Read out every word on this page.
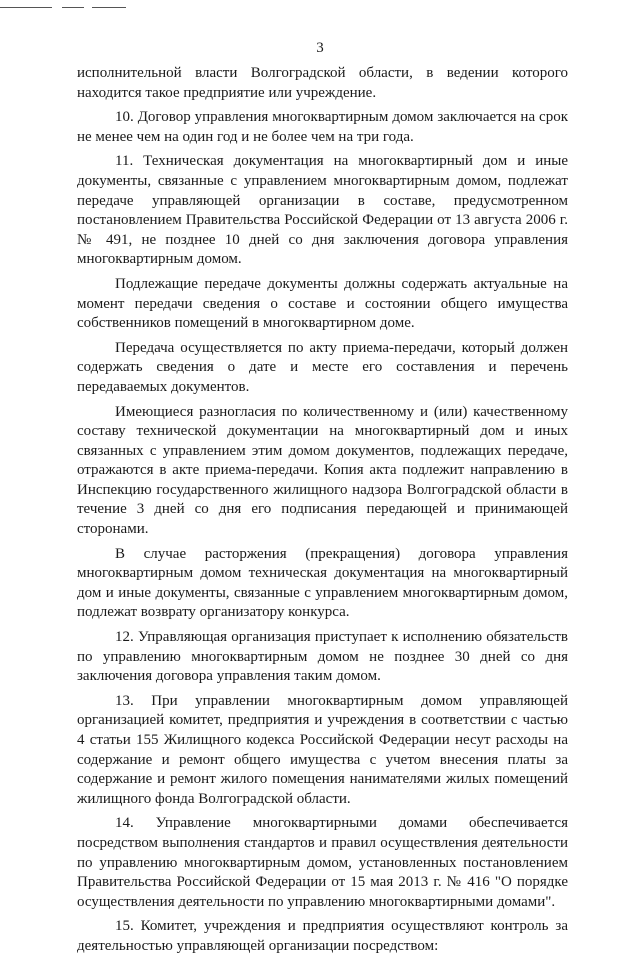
3

исполнительной власти Волгоградской области, в ведении которого находится такое предприятие или учреждение.

10. Договор управления многоквартирным домом заключается на срок не менее чем на один год и не более чем на три года.

11. Техническая документация на многоквартирный дом и иные документы, связанные с управлением многоквартирным домом, подлежат передаче управляющей организации в составе, предусмотренном постановлением Правительства Российской Федерации от 13 августа 2006 г. № 491, не позднее 10 дней со дня заключения договора управления многоквартирным домом.

Подлежащие передаче документы должны содержать актуальные на момент передачи сведения о составе и состоянии общего имущества собственников помещений в многоквартирном доме.

Передача осуществляется по акту приема-передачи, который должен содержать сведения о дате и месте его составления и перечень передаваемых документов.

Имеющиеся разногласия по количественному и (или) качественному составу технической документации на многоквартирный дом и иных связанных с управлением этим домом документов, подлежащих передаче, отражаются в акте приема-передачи. Копия акта подлежит направлению в Инспекцию государственного жилищного надзора Волгоградской области в течение 3 дней со дня его подписания передающей и принимающей сторонами.

В случае расторжения (прекращения) договора управления многоквартирным домом техническая документация на многоквартирный дом и иные документы, связанные с управлением многоквартирным домом, подлежат возврату организатору конкурса.

12. Управляющая организация приступает к исполнению обязательств по управлению многоквартирным домом не позднее 30 дней со дня заключения договора управления таким домом.

13. При управлении многоквартирным домом управляющей организацией комитет, предприятия и учреждения в соответствии с частью 4 статьи 155 Жилищного кодекса Российской Федерации несут расходы на содержание и ремонт общего имущества с учетом внесения платы за содержание и ремонт жилого помещения нанимателями жилых помещений жилищного фонда Волгоградской области.

14. Управление многоквартирными домами обеспечивается посредством выполнения стандартов и правил осуществления деятельности по управлению многоквартирным домом, установленных постановлением Правительства Российской Федерации от 15 мая 2013 г. № 416 "О порядке осуществления деятельности по управлению многоквартирными домами".

15. Комитет, учреждения и предприятия осуществляют контроль за деятельностью управляющей организации посредством:
